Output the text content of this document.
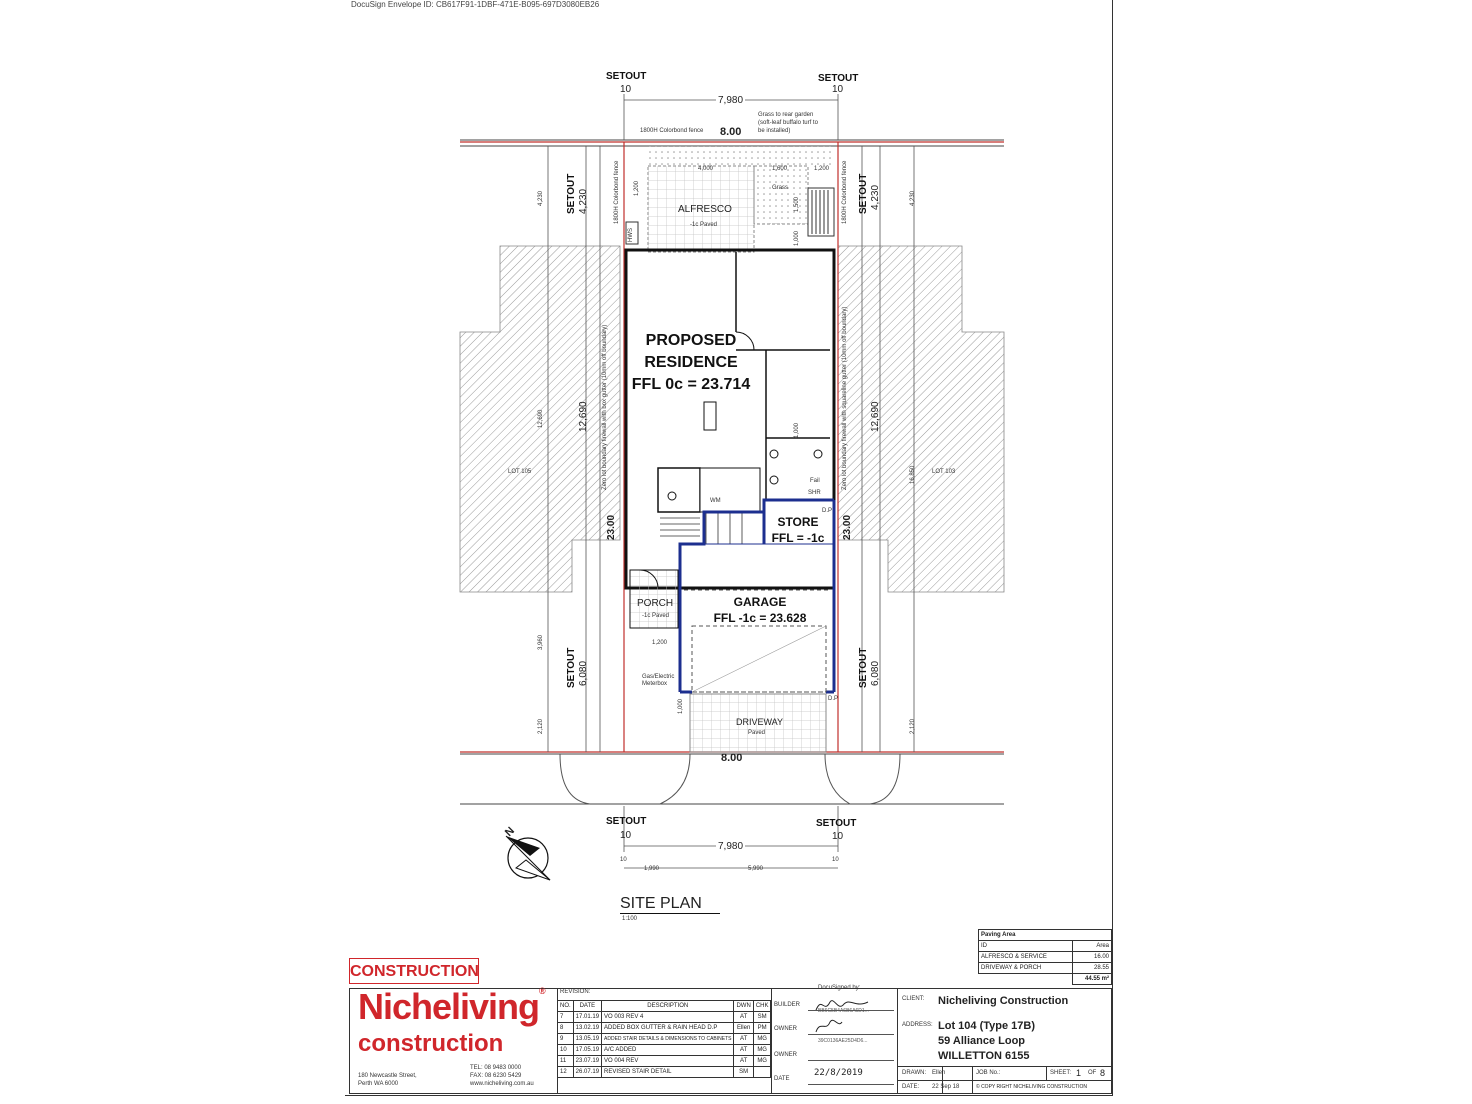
DocuSign Envelope ID: CB617F91-1DBF-471E-B095-697D3080EB26
SETOUT	SETOUT
10	10
7,980
Grass to rear garden
(soft-leaf buffalo turf to
be installed)
1800H Colorbond fence 8.00
4,000	1,600	1,200
Grass
ALFRESCO
-1c Paved
PROPOSED
RESIDENCE
FFL 0c = 23.714
STORE
FFL = -1c
GARAGE
FFL -1c = 23.628
PORCH
-1c Paved
DRIVEWAY
Paved
WM
Fail
SHR
D.P
D.P
Gas/Electric Meterbox
1,200
SETOUT 4,230	SETOUT 4,230
SETOUT 6,080	SETOUT 6,080
12,690	12,690
23.00	23.00
4,230	4,230
12,690
16,850
3,960
2,120	2,120
Zero lot boundary firewall with box gutter (10mm off boundary)	Zero lot boundary firewall with squareline gutter (10mm off boundary)
1800H Colorbond fence	1800H Colorbond fence
HWS
1,200
1,500
1,000
1,000
1,000
LOT 105	LOT 103
8.00
SETOUT	SETOUT
10	10
7,980
10
1,990	5,990
10
N
SITE PLAN
1:100
Paving Area	
ID	Area
ALFRESCO & SERVICE	16.00
DRIVEWAY & PORCH	28.55
	44.55 m²
CONSTRUCTION
Nicheliving®
construction
180 Newcastle Street,
Perth WA 6000
TEL: 08 9483 0000
FAX: 08 6230 5429
www.nicheliving.com.au
REVISION:
NO.	DATE	DESCRIPTION	DWN	CHK
7	17.01.19	VO 003 REV 4	AT	SM
8	13.02.19	ADDED BOX GUTTER & RAIN HEAD D.P	Ellen	PM
9	13.05.19	ADDED STAIR DETAILS & DIMENSIONS TO CABINETS	AT	MG
10	17.05.19	A/C ADDED	AT	MG
11	23.07.19	VO 004 REV	AT	MG
12	26.07.19	REVISED STAIR DETAIL	SM	
DocuSigned by:
BUILDER
OWNER
OWNER
DATE
BB6C5B4A6B6A6D1...
39C0136AE25D4D6...
22/8/2019
CLIENT: Nicheliving Construction
ADDRESS: Lot 104 (Type 17B)
59 Alliance Loop
WILLETTON 6155
DRAWN: Ellen	JOB No.:	SHEET: 1 OF 8
DATE: 22 Sep 18	© COPY RIGHT NICHELIVING CONSTRUCTION
